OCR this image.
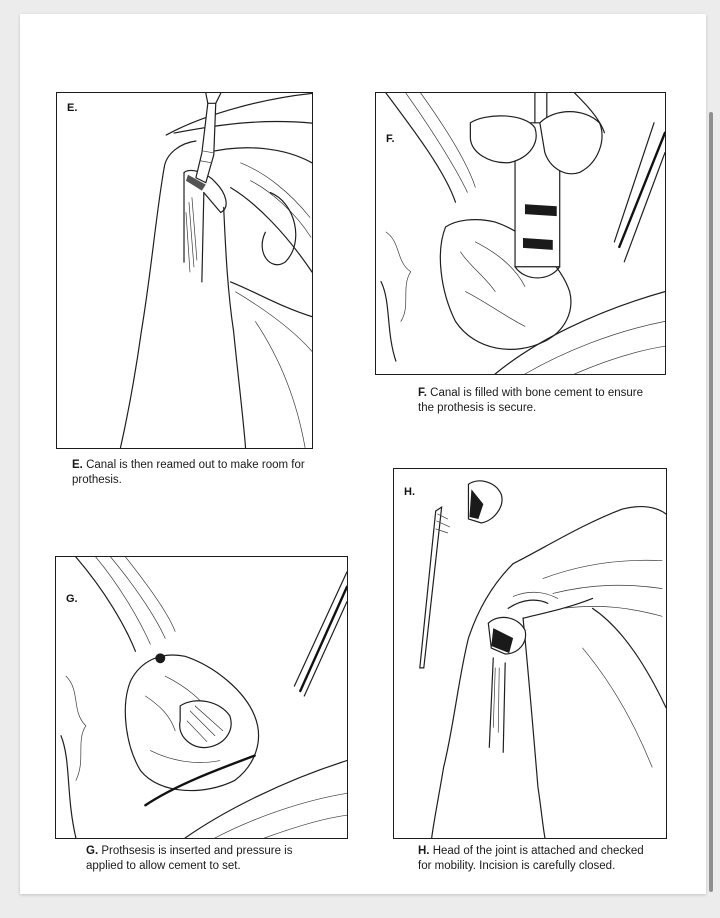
E.
E. Canal is then reamed out to make room for prothesis.
F.
F. Canal is filled with bone cement to ensure the prothesis is secure.
G.
G. Prothsesis is inserted and pressure is applied to allow cement to set.
H.
H. Head of the joint is attached and checked for mobility. Incision is carefully closed.
